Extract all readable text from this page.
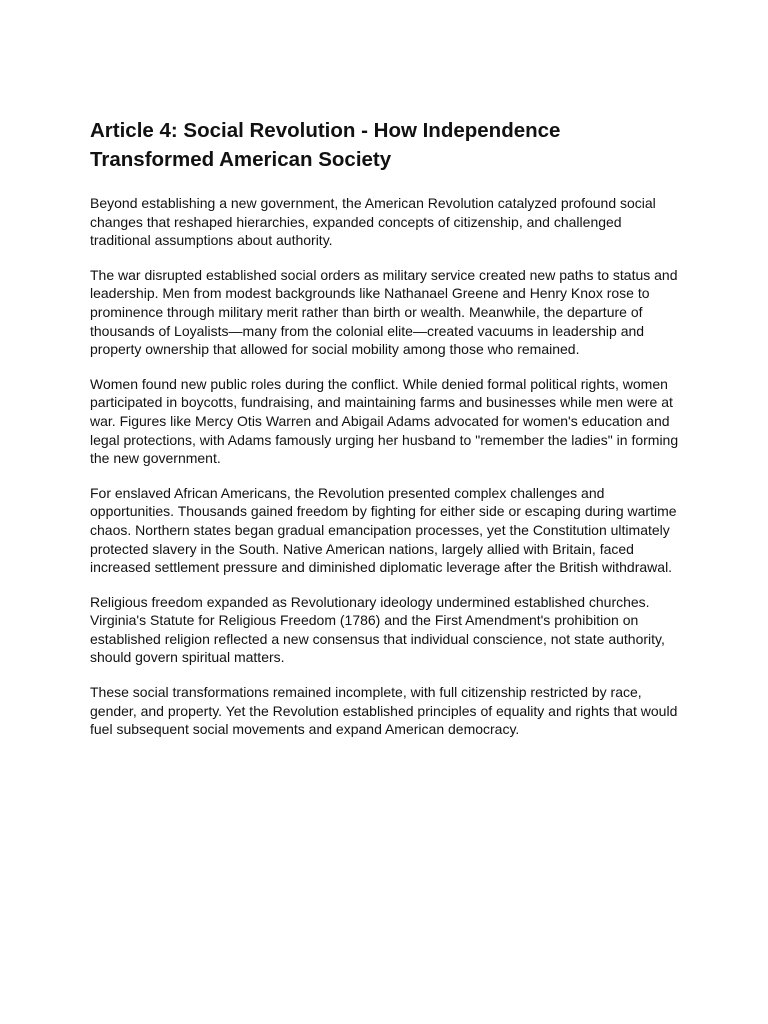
Article 4: Social Revolution - How Independence Transformed American Society

Beyond establishing a new government, the American Revolution catalyzed profound social changes that reshaped hierarchies, expanded concepts of citizenship, and challenged traditional assumptions about authority.

The war disrupted established social orders as military service created new paths to status and leadership. Men from modest backgrounds like Nathanael Greene and Henry Knox rose to prominence through military merit rather than birth or wealth. Meanwhile, the departure of thousands of Loyalists—many from the colonial elite—created vacuums in leadership and property ownership that allowed for social mobility among those who remained.

Women found new public roles during the conflict. While denied formal political rights, women participated in boycotts, fundraising, and maintaining farms and businesses while men were at war. Figures like Mercy Otis Warren and Abigail Adams advocated for women's education and legal protections, with Adams famously urging her husband to "remember the ladies" in forming the new government.

For enslaved African Americans, the Revolution presented complex challenges and opportunities. Thousands gained freedom by fighting for either side or escaping during wartime chaos. Northern states began gradual emancipation processes, yet the Constitution ultimately protected slavery in the South. Native American nations, largely allied with Britain, faced increased settlement pressure and diminished diplomatic leverage after the British withdrawal.

Religious freedom expanded as Revolutionary ideology undermined established churches. Virginia's Statute for Religious Freedom (1786) and the First Amendment's prohibition on established religion reflected a new consensus that individual conscience, not state authority, should govern spiritual matters.

These social transformations remained incomplete, with full citizenship restricted by race, gender, and property. Yet the Revolution established principles of equality and rights that would fuel subsequent social movements and expand American democracy.
